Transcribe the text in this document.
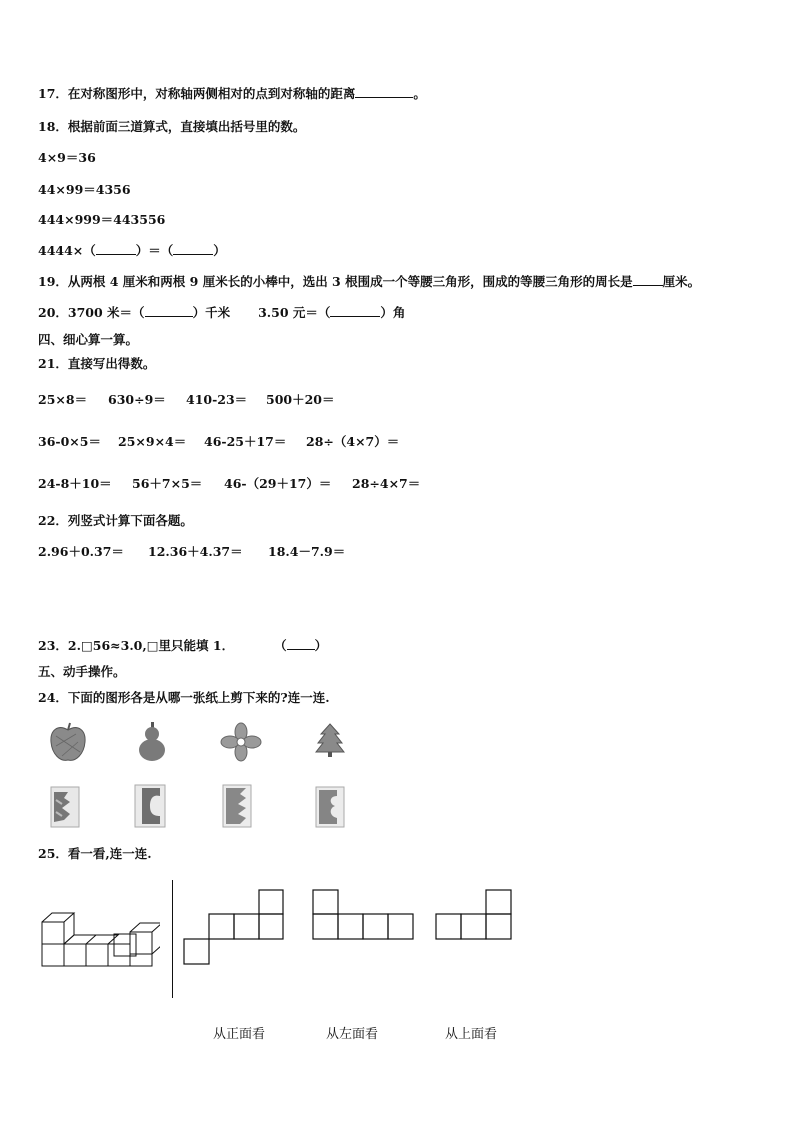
17．在对称图形中，对称轴两侧相对的点到对称轴的距离	。
18．根据前面三道算式，直接填出括号里的数。
4×9＝36
44×99＝4356
444×999＝443556
4444×（	）＝（	）
19．从两根 4 厘米和两根 9 厘米长的小棒中，选出 3 根围成一个等腰三角形，围成的等腰三角形的周长是 厘米。
20．3700 米＝（	）千米 3.50 元＝（	）角
四、细心算一算。
21．直接写出得数。
25×8＝ 630÷9＝ 410-23＝ 500＋20＝
36-0×5＝ 25×9×4＝ 46-25＋17＝ 28÷（4×7）＝
24-8＋10＝ 56＋7×5＝ 46-（29＋17）＝ 28÷4×7＝
22．列竖式计算下面各题。
2.96＋0.37＝ 12.36＋4.37＝ 18.4－7.9＝
23．2.□56≈3.0,□里只能填 1．	（ ）
五、动手操作。
24．下面的图形各是从哪一张纸上剪下来的?连一连.
25．看一看,连一连.
从正面看	从左面看	从上面看
